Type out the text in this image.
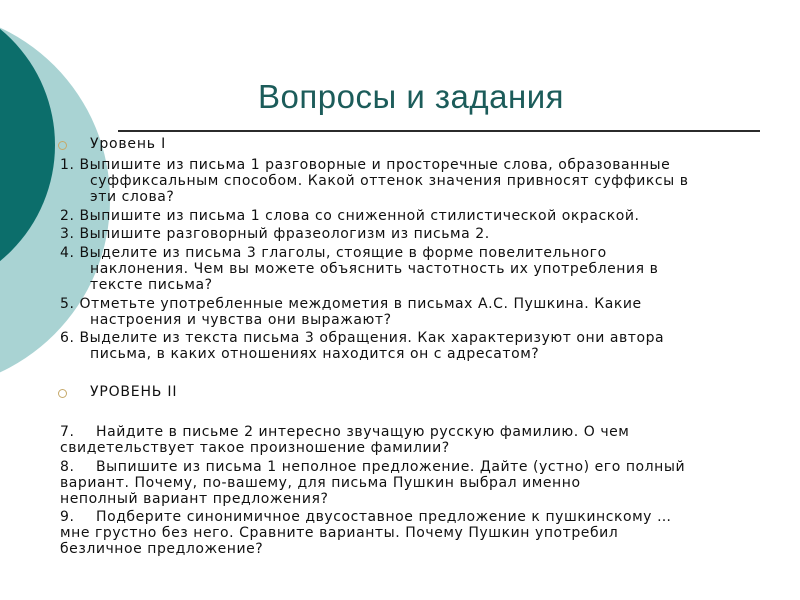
Вопросы и задания
Уровень I
1. Выпишите из письма 1 разговорные и просторечные слова, образованные
суффиксальным способом. Какой оттенок значения привносят суффиксы в
эти слова?
2. Выпишите из письма 1 слова со сниженной стилистической окраской.
3. Выпишите разговорный фразеологизм из письма 2.
4. Выделите из письма 3 глаголы, стоящие в форме повелительного
наклонения. Чем вы можете объяснить частотность их употребления в
тексте письма?
5. Отметьте употребленные междометия в письмах А.С. Пушкина. Какие
настроения и чувства они выражают?
6. Выделите из текста письма 3 обращения. Как характеризуют они автора
письма, в каких отношениях находится он с адресатом?
УРОВЕНЬ II
7. Найдите в письме 2 интересно звучащую русскую фамилию. О чем
свидетельствует такое произношение фамилии?
8. Выпишите из письма 1 неполное предложение. Дайте (устно) его полный
вариант. Почему, по-вашему, для письма Пушкин выбрал именно
неполный вариант предложения?
9. Подберите синонимичное двусоставное предложение к пушкинскому …
мне грустно без него. Сравните варианты. Почему Пушкин употребил
безличное предложение?
